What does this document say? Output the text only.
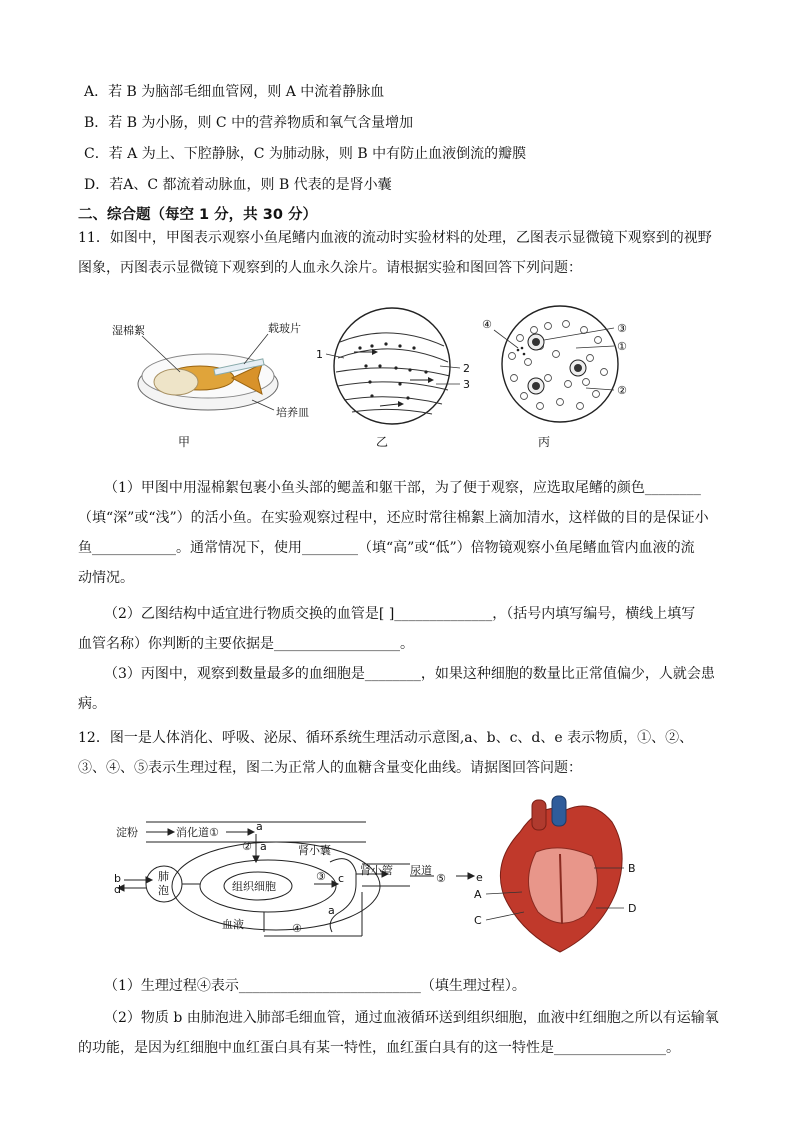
A．若 B 为脑部毛细血管网，则 A 中流着静脉血
B．若 B 为小肠，则 C 中的营养物质和氧气含量增加
C．若 A 为上、下腔静脉，C 为肺动脉，则 B 中有防止血液倒流的瓣膜
D．若A、C 都流着动脉血，则 B 代表的是肾小囊
二、综合题（每空 1 分，共 30 分）
11．如图中，甲图表示观察小鱼尾鳍内血液的流动时实验材料的处理，乙图表示显微镜下观察到的视野
图象，丙图表示显微镜下观察到的人血永久涂片。请根据实验和图回答下列问题：
湿棉絮	载玻片
培养皿
甲
1
2
3
乙
③
①
②
④
丙
（1）甲图中用湿棉絮包裹小鱼头部的鳃盖和躯干部，为了便于观察，应选取尾鳍的颜色________
（填“深”或“浅”）的活小鱼。在实验观察过程中，还应时常往棉絮上滴加清水，这样做的目的是保证小
鱼____________。通常情况下，使用________（填“高”或“低”）倍物镜观察小鱼尾鳍血管内血液的流
动情况。
（2）乙图结构中适宜进行物质交换的血管是[ ]______________，（括号内填写编号，横线上填写
血管名称）你判断的主要依据是__________________。
（3）丙图中，观察到数量最多的血细胞是________，如果这种细胞的数量比正常值偏少，人就会患
病。
12．图一是人体消化、呼吸、泌尿、循环系统生理活动示意图,a、b、c、d、e 表示物质，①、②、
③、④、⑤表示生理过程，图二为正常人的血糖含量变化曲线。请据图回答问题：
淀粉	消化道①	a
② a	肾小囊
b
d
肺
泡	组织细胞
③ c
肾小管 尿道
⑤	e
a
血液	④
A
C
B
D
（1）生理过程④表示__________________________（填生理过程）。
（2）物质 b 由肺泡进入肺部毛细血管，通过血液循环送到组织细胞，血液中红细胞之所以有运输氧
的功能，是因为红细胞中血红蛋白具有某一特性，血红蛋白具有的这一特性是________________。
